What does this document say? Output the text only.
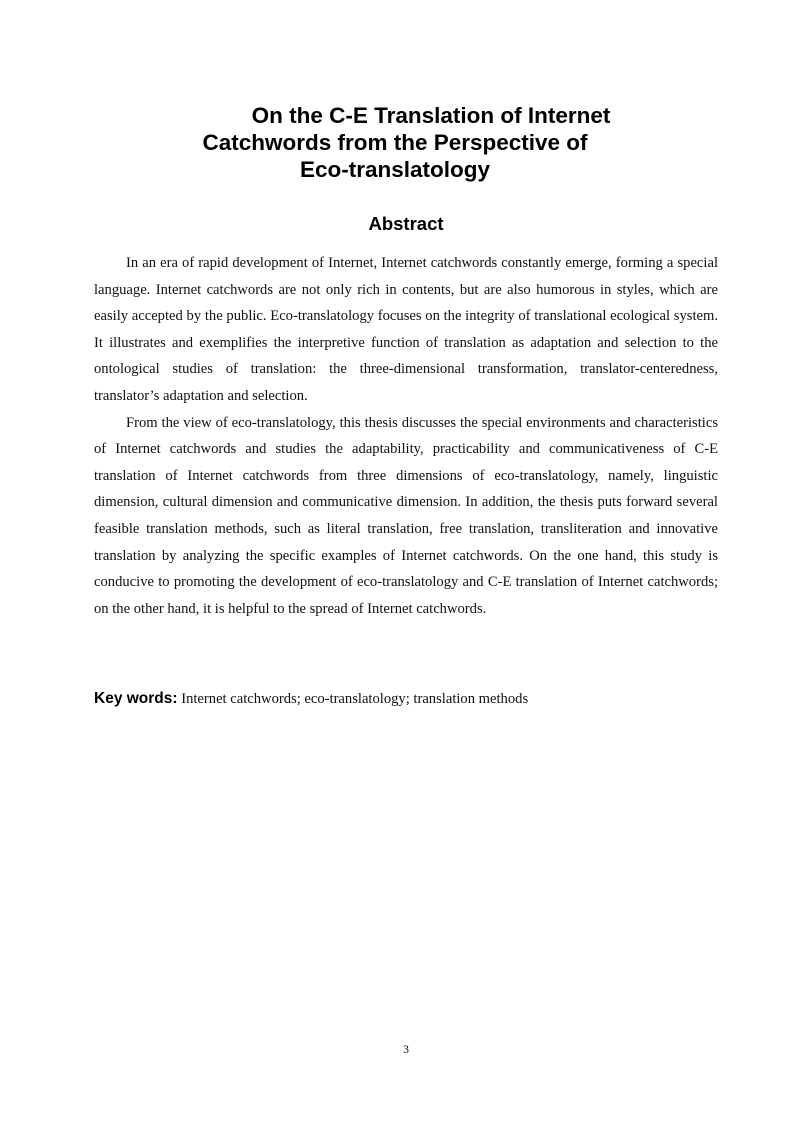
On the C-E Translation of Internet
Catchwords from the Perspective of
Eco-translatology
Abstract

In an era of rapid development of Internet, Internet catchwords constantly emerge, forming a special language. Internet catchwords are not only rich in contents, but are also humorous in styles, which are easily accepted by the public. Eco-translatology focuses on the integrity of translational ecological system. It illustrates and exemplifies the interpretive function of translation as adaptation and selection to the ontological studies of translation: the three-dimensional transformation, translator-centeredness, translator’s adaptation and selection.

From the view of eco-translatology, this thesis discusses the special environments and characteristics of Internet catchwords and studies the adaptability, practicability and communicativeness of C-E translation of Internet catchwords from three dimensions of eco-translatology, namely, linguistic dimension, cultural dimension and communicative dimension. In addition, the thesis puts forward several feasible translation methods, such as literal translation, free translation, transliteration and innovative translation by analyzing the specific examples of Internet catchwords. On the one hand, this study is conducive to promoting the development of eco-translatology and C-E translation of Internet catchwords; on the other hand, it is helpful to the spread of Internet catchwords.

Key words: Internet catchwords; eco-translatology; translation methods
3
